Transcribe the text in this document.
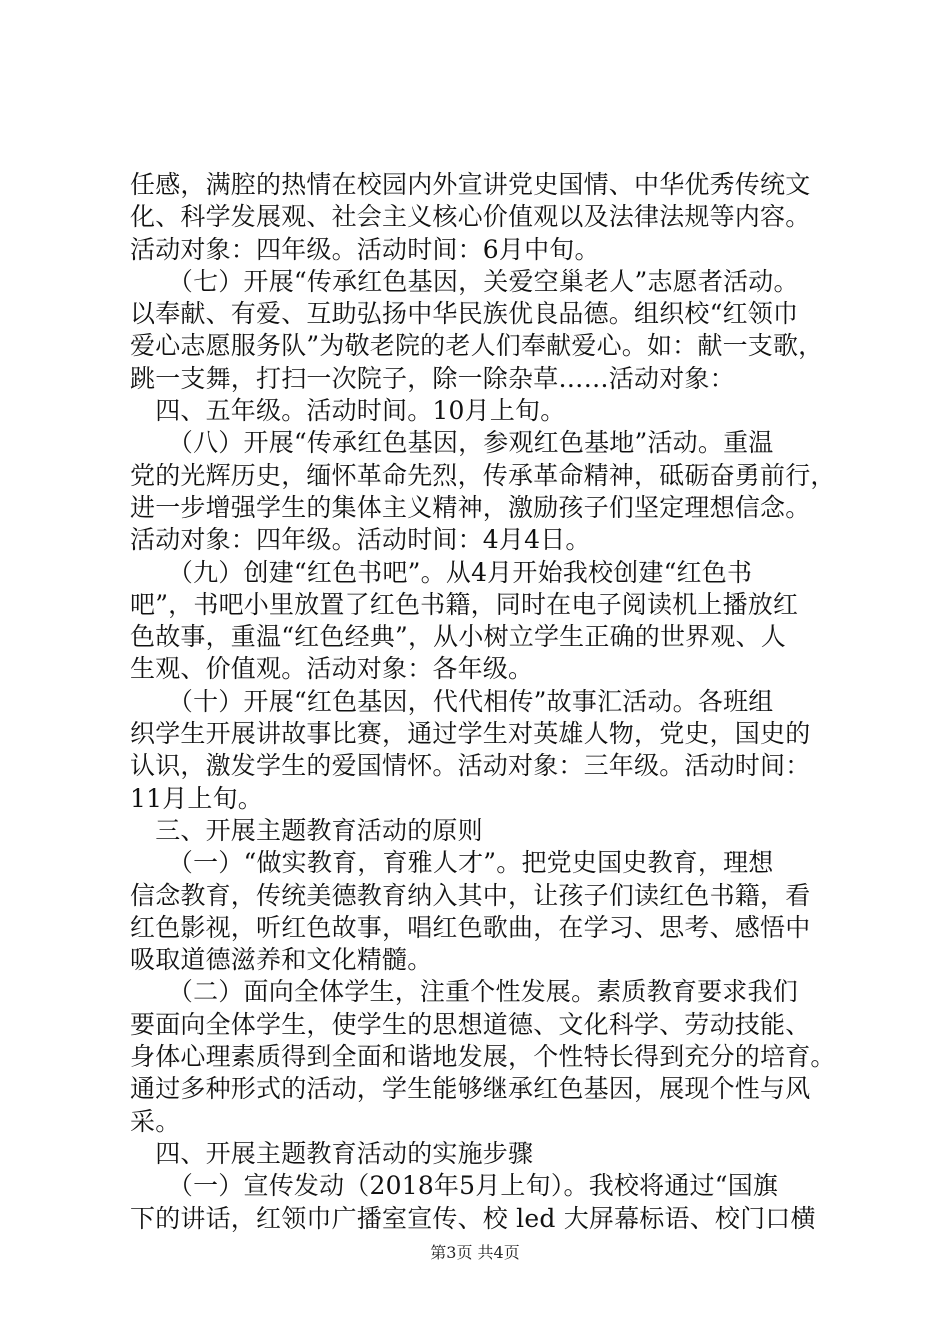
任感，满腔的热情在校园内外宣讲党史国情、中华优秀传统文
化、科学发展观、社会主义核心价值观以及法律法规等内容。
活动对象：四年级。活动时间：6月中旬。
　　（七）开展“传承红色基因，关爱空巢老人”志愿者活动。
以奉献、有爱、互助弘扬中华民族优良品德。组织校“红领巾
爱心志愿服务队”为敬老院的老人们奉献爱心。如：献一支歌，
跳一支舞，打扫一次院子，除一除杂草……活动对象：
　四、五年级。活动时间。10月上旬。
　　（八）开展“传承红色基因，参观红色基地”活动。重温
党的光辉历史，缅怀革命先烈，传承革命精神，砥砺奋勇前行，
进一步增强学生的集体主义精神，激励孩子们坚定理想信念。
活动对象：四年级。活动时间：4月4日。
　　（九）创建“红色书吧”。从4月开始我校创建“红色书
吧”，书吧小里放置了红色书籍，同时在电子阅读机上播放红
色故事，重温“红色经典”，从小树立学生正确的世界观、人
生观、价值观。活动对象：各年级。
　　（十）开展“红色基因，代代相传”故事汇活动。各班组
织学生开展讲故事比赛，通过学生对英雄人物，党史，国史的
认识，激发学生的爱国情怀。活动对象：三年级。活动时间：
11月上旬。
　三、开展主题教育活动的原则
　　（一）“做实教育，育雅人才”。把党史国史教育，理想
信念教育，传统美德教育纳入其中，让孩子们读红色书籍，看
红色影视，听红色故事，唱红色歌曲，在学习、思考、感悟中
吸取道德滋养和文化精髓。
　　（二）面向全体学生，注重个性发展。素质教育要求我们
要面向全体学生，使学生的思想道德、文化科学、劳动技能、
身体心理素质得到全面和谐地发展，个性特长得到充分的培育。
通过多种形式的活动，学生能够继承红色基因，展现个性与风
采。
　四、开展主题教育活动的实施步骤
　　（一）宣传发动（2018年5月上旬）。我校将通过“国旗
下的讲话，红领巾广播室宣传、校 led 大屏幕标语、校门口横
第3页 共4页
